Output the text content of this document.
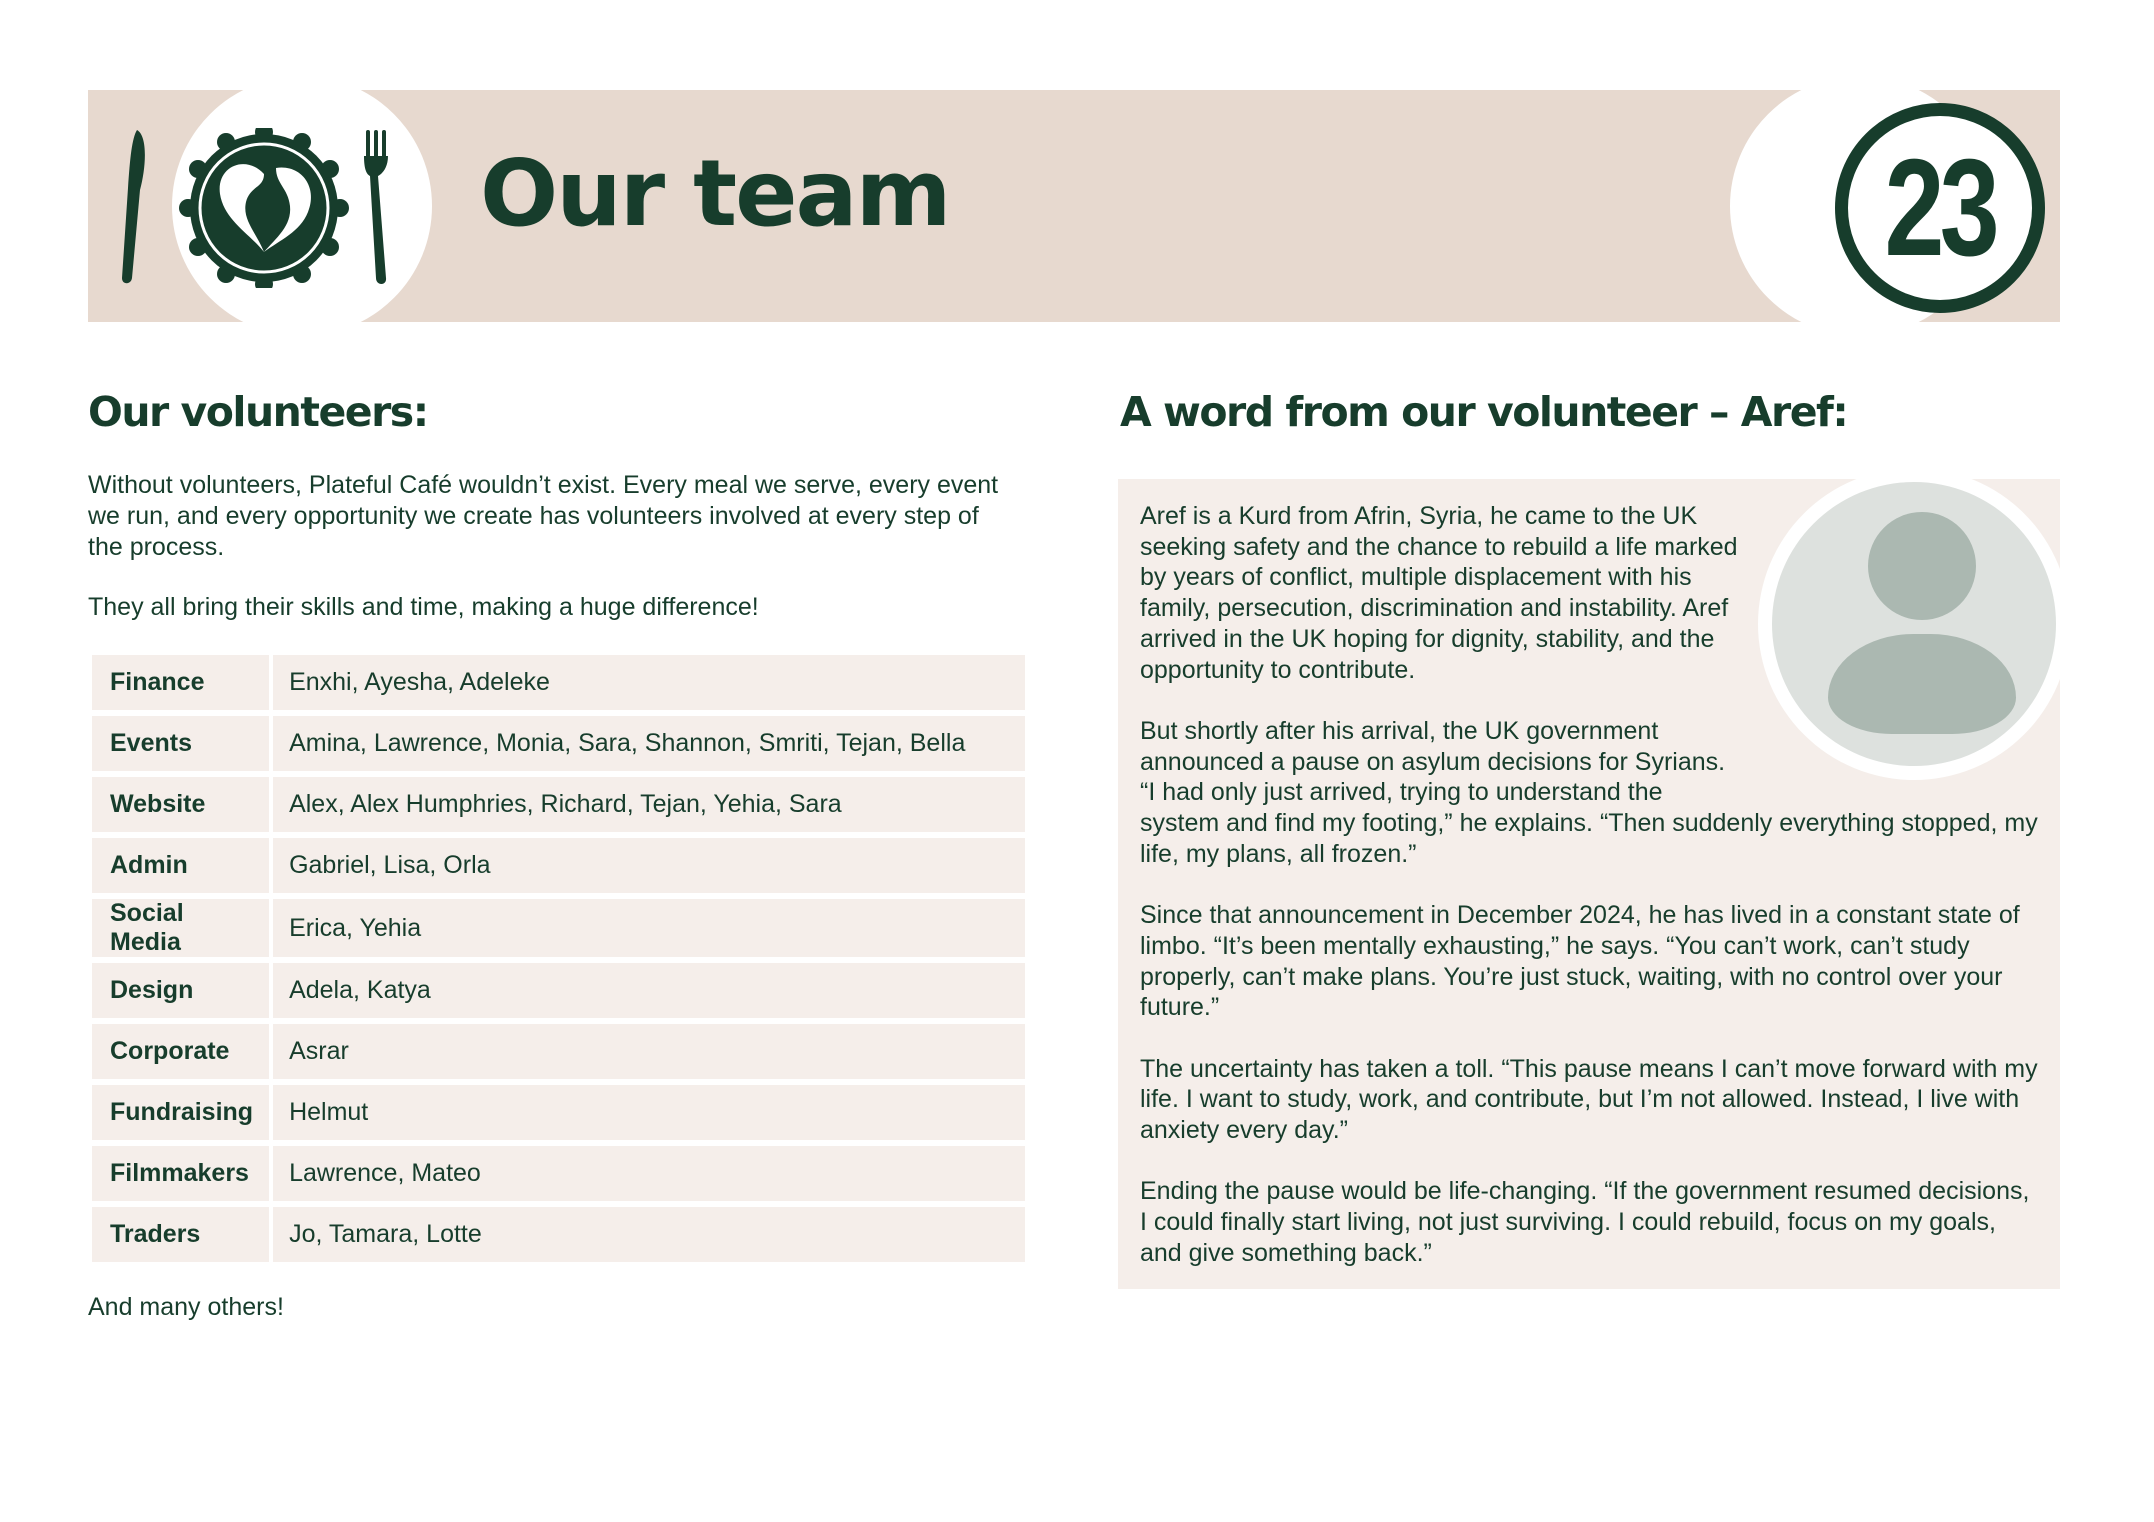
Our team	23
Our volunteers:

Without volunteers, Plateful Café wouldn’t exist. Every meal we serve, every event we run, and every opportunity we create has volunteers involved at every step of the process.

They all bring their skills and time, making a huge difference!

Finance	Enxhi, Ayesha, Adeleke
Events	Amina, Lawrence, Monia, Sara, Shannon, Smriti, Tejan, Bella
Website	Alex, Alex Humphries, Richard, Tejan, Yehia, Sara
Admin	Gabriel, Lisa, Orla
Social Media	Erica, Yehia
Design	Adela, Katya
Corporate	Asrar
Fundraising	Helmut
Filmmakers	Lawrence, Mateo
Traders	Jo, Tamara, Lotte
And many others!
A word from our volunteer – Aref:

Aref is a Kurd from Afrin, Syria, he came to the UK seeking safety and the chance to rebuild a life marked by years of conflict, multiple displacement with his family, persecution, discrimination and instability. Aref arrived in the UK hoping for dignity, stability, and the opportunity to contribute.

But shortly after his arrival, the UK government announced a pause on asylum decisions for Syrians. “I had only just arrived, trying to understand the system and find my footing,” he explains. “Then suddenly everything stopped, my life, my plans, all frozen.”

Since that announcement in December 2024, he has lived in a constant state of limbo. “It’s been mentally exhausting,” he says. “You can’t work, can’t study properly, can’t make plans. You’re just stuck, waiting, with no control over your future.”

The uncertainty has taken a toll. “This pause means I can’t move forward with my life. I want to study, work, and contribute, but I’m not allowed. Instead, I live with anxiety every day.”

Ending the pause would be life-changing. “If the government resumed decisions, I could finally start living, not just surviving. I could rebuild, focus on my goals, and give something back.”
